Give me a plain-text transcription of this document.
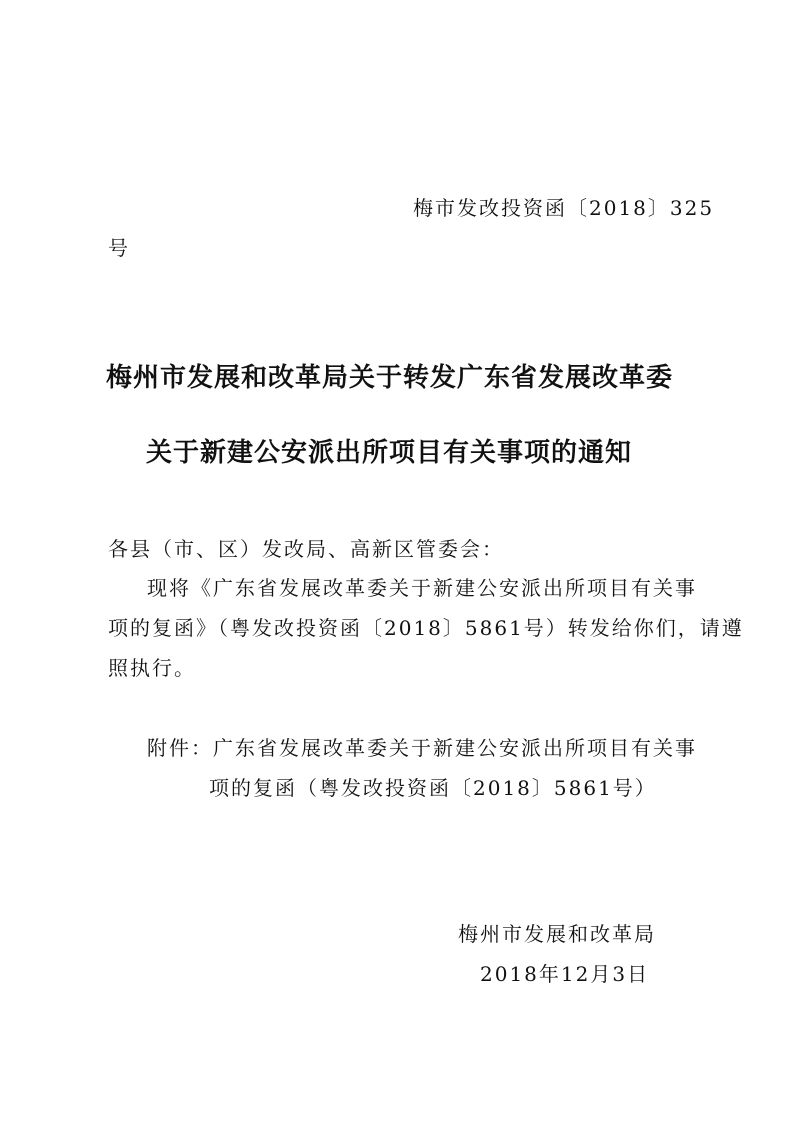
梅市发改投资函〔2018〕325
号
梅州市发展和改革局关于转发广东省发展改革委
关于新建公安派出所项目有关事项的通知
各县（市、区）发改局、高新区管委会：
现将《广东省发展改革委关于新建公安派出所项目有关事
项的复函》（粤发改投资函〔2018〕5861号）转发给你们，请遵
照执行。
附件：广东省发展改革委关于新建公安派出所项目有关事
项的复函（粤发改投资函〔2018〕5861号）
梅州市发展和改革局
2018年12月3日
